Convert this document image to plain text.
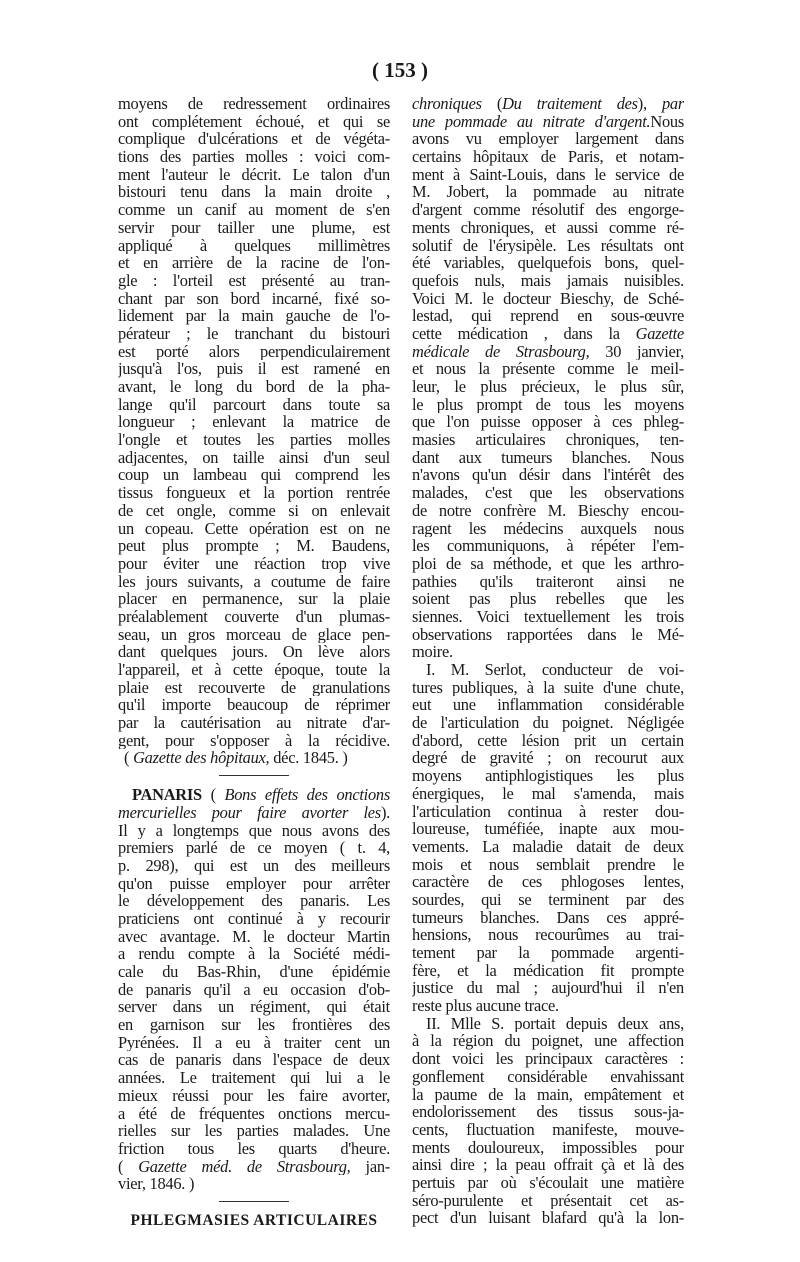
( 153 )
moyens de redressement ordinaires
ont complétement échoué, et qui se
complique d'ulcérations et de végéta-
tions des parties molles : voici com-
ment l'auteur le décrit. Le talon d'un
bistouri tenu dans la main droite ,
comme un canif au moment de s'en
servir pour tailler une plume, est
appliqué à quelques millimètres
et en arrière de la racine de l'on-
gle : l'orteil est présenté au tran-
chant par son bord incarné, fixé so-
lidement par la main gauche de l'o-
pérateur ; le tranchant du bistouri
est porté alors perpendiculairement
jusqu'à l'os, puis il est ramené en
avant, le long du bord de la pha-
lange qu'il parcourt dans toute sa
longueur ; enlevant la matrice de
l'ongle et toutes les parties molles
adjacentes, on taille ainsi d'un seul
coup un lambeau qui comprend les
tissus fongueux et la portion rentrée
de cet ongle, comme si on enlevait
un copeau. Cette opération est on ne
peut plus prompte ; M. Baudens,
pour éviter une réaction trop vive
les jours suivants, a coutume de faire
placer en permanence, sur la plaie
préalablement couverte d'un plumas-
seau, un gros morceau de glace pen-
dant quelques jours. On lève alors
l'appareil, et à cette époque, toute la
plaie est recouverte de granulations
qu'il importe beaucoup de réprimer
par la cautérisation au nitrate d'ar-
gent, pour s'opposer à la récidive.
( Gazette des hôpitaux, déc. 1845. )
PANARIS ( Bons effets des onctions
mercurielles pour faire avorter les).
Il y a longtemps que nous avons des
premiers parlé de ce moyen ( t. 4,
p. 298), qui est un des meilleurs
qu'on puisse employer pour arrêter
le développement des panaris. Les
praticiens ont continué à y recourir
avec avantage. M. le docteur Martin
a rendu compte à la Société médi-
cale du Bas-Rhin, d'une épidémie
de panaris qu'il a eu occasion d'ob-
server dans un régiment, qui était
en garnison sur les frontières des
Pyrénées. Il a eu à traiter cent un
cas de panaris dans l'espace de deux
années. Le traitement qui lui a le
mieux réussi pour les faire avorter,
a été de fréquentes onctions mercu-
rielles sur les parties malades. Une
friction tous les quarts d'heure.
( Gazette méd. de Strasbourg, jan-
vier, 1846. )
PHLEGMASIES ARTICULAIRES
chroniques (Du traitement des), par
une pommade au nitrate d'argent.Nous
avons vu employer largement dans
certains hôpitaux de Paris, et notam-
ment à Saint-Louis, dans le service de
M. Jobert, la pommade au nitrate
d'argent comme résolutif des engorge-
ments chroniques, et aussi comme ré-
solutif de l'érysipèle. Les résultats ont
été variables, quelquefois bons, quel-
quefois nuls, mais jamais nuisibles.
Voici M. le docteur Bieschy, de Sché-
lestad, qui reprend en sous-œuvre
cette médication , dans la Gazette
médicale de Strasbourg, 30 janvier,
et nous la présente comme le meil-
leur, le plus précieux, le plus sûr,
le plus prompt de tous les moyens
que l'on puisse opposer à ces phleg-
masies articulaires chroniques, ten-
dant aux tumeurs blanches. Nous
n'avons qu'un désir dans l'intérêt des
malades, c'est que les observations
de notre confrère M. Bieschy encou-
ragent les médecins auxquels nous
les communiquons, à répéter l'em-
ploi de sa méthode, et que les arthro-
pathies qu'ils traiteront ainsi ne
soient pas plus rebelles que les
siennes. Voici textuellement les trois
observations rapportées dans le Mé-
moire.
I. M. Serlot, conducteur de voi-
tures publiques, à la suite d'une chute,
eut une inflammation considérable
de l'articulation du poignet. Négligée
d'abord, cette lésion prit un certain
degré de gravité ; on recourut aux
moyens antiphlogistiques les plus
énergiques, le mal s'amenda, mais
l'articulation continua à rester dou-
loureuse, tuméfiée, inapte aux mou-
vements. La maladie datait de deux
mois et nous semblait prendre le
caractère de ces phlogoses lentes,
sourdes, qui se terminent par des
tumeurs blanches. Dans ces appré-
hensions, nous recourûmes au trai-
tement par la pommade argenti-
fère, et la médication fit prompte
justice du mal ; aujourd'hui il n'en
reste plus aucune trace.
II. Mlle S. portait depuis deux ans,
à la région du poignet, une affection
dont voici les principaux caractères :
gonflement considérable envahissant
la paume de la main, empâtement et
endolorissement des tissus sous-ja-
cents, fluctuation manifeste, mouve-
ments douloureux, impossibles pour
ainsi dire ; la peau offrait çà et là des
pertuis par où s'écoulait une matière
séro-purulente et présentait cet as-
pect d'un luisant blafard qu'à la lon-
